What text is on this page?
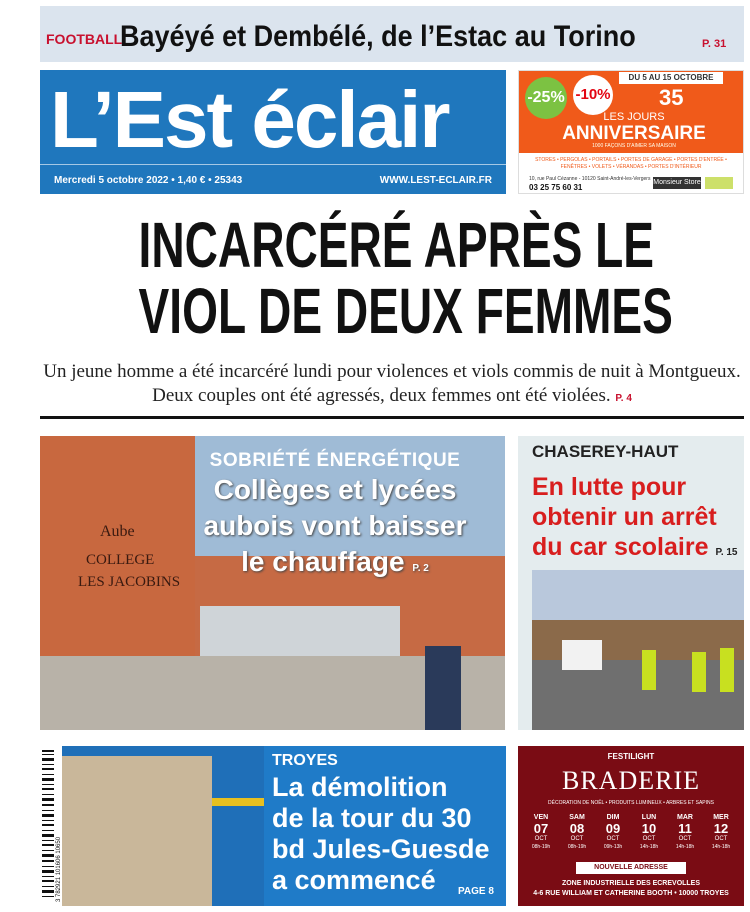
FOOTBALL
Bayéyé et Dembélé, de l’Estac au Torino	P. 31
L’Est éclair
Mercredi 5 octobre 2022 • 1,40 € • 25343	WWW.LEST-ECLAIR.FR
-25% -10%
DU 5 AU 15 OCTOBRE
35
LES JOURS
ANNIVERSAIRE
1000 FAÇONS D'AIMER SA MAISON
STORES • PERGOLAS • PORTAILS • PORTES DE GARAGE • PORTES D'ENTRÉE • FENÊTRES • VOLETS • VÉRANDAS • PORTES D'INTÉRIEUR
10, rue Paul Cézanne - 10120 Saint-André-les-Vergers
03 25 75 60 31
Monsieur Store
INCARCÉRÉ APRÈS LE
VIOL DE DEUX FEMMES
Un jeune homme a été incarcéré lundi pour violences et viols commis de nuit à Montgueux. Deux couples ont été agressés, deux femmes ont été violées. P. 4
Aube
COLLEGE
LES JACOBINS
SOBRIÉTÉ ÉNERGÉTIQUE
Collèges et lycées
aubois vont baisser
le chauffage P. 2
CHASEREY-HAUT
En lutte pour
obtenir un arrêt
du car scolaire P. 15
3 782921 101606 10650
TROYES
La démolition
de la tour du 30
bd Jules-Guesde
a commencé	PAGE 8
FESTILIGHT
BRADERIE
DÉCORATION DE NOËL • PRODUITS LUMINEUX • ARBRES ET SAPINS
VEN
07
OCT
08h-19h
SAM
08
OCT
08h-19h
DIM
09
OCT
09h-13h
LUN
10
OCT
14h-18h
MAR
11
OCT
14h-18h
MER
12
OCT
14h-18h
NOUVELLE ADRESSE
ZONE INDUSTRIELLE DES ECREVOLLES
4-6 RUE WILLIAM ET CATHERINE BOOTH • 10000 TROYES
